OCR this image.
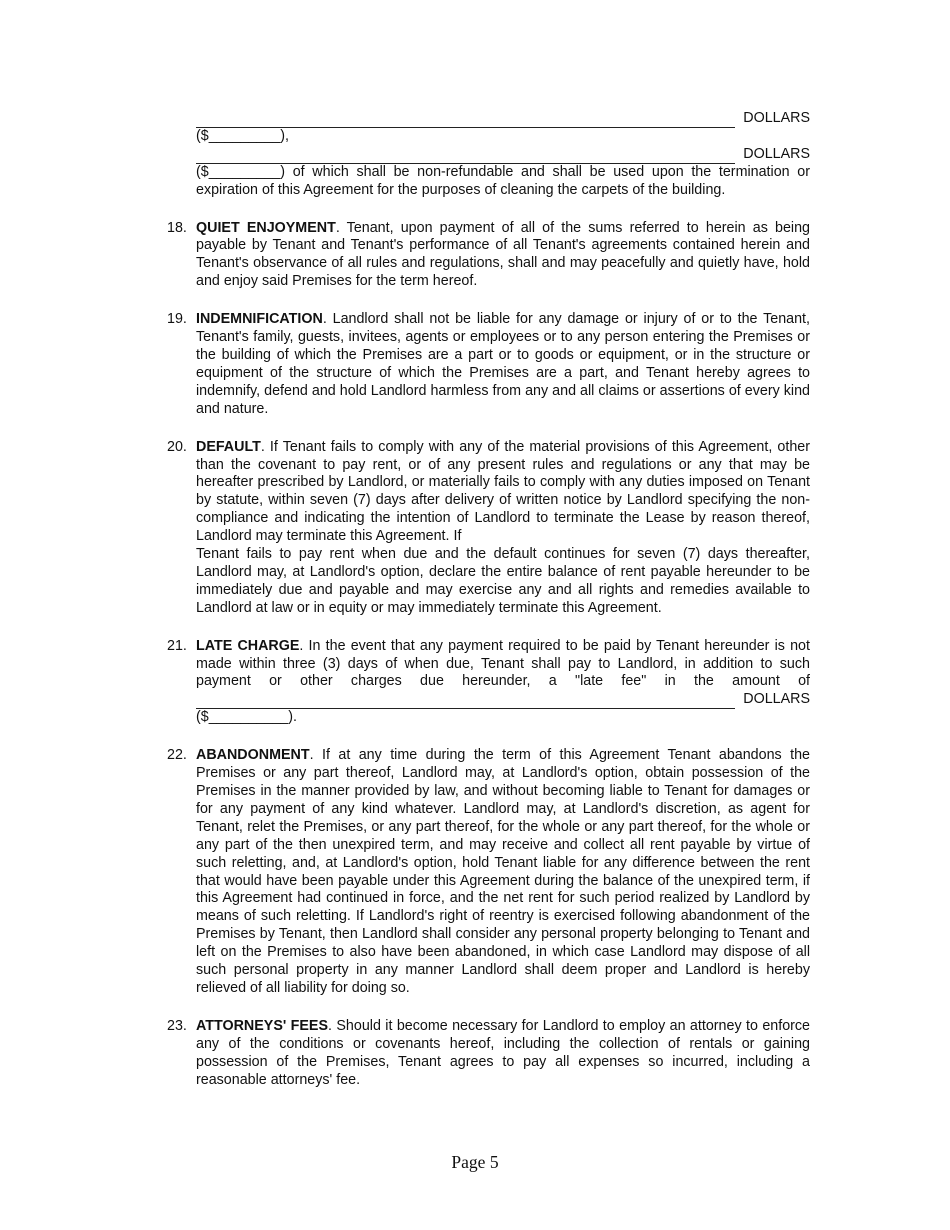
DOLLARS
($_________),
DOLLARS
($_________) of which shall be non-refundable and shall be used upon the termination or expiration of this Agreement for the purposes of cleaning the carpets of the building.
18. QUIET ENJOYMENT. Tenant, upon payment of all of the sums referred to herein as being payable by Tenant and Tenant's performance of all Tenant's agreements contained herein and Tenant's observance of all rules and regulations, shall and may peacefully and quietly have, hold and enjoy said Premises for the term hereof.
19. INDEMNIFICATION. Landlord shall not be liable for any damage or injury of or to the Tenant, Tenant's family, guests, invitees, agents or employees or to any person entering the Premises or the building of which the Premises are a part or to goods or equipment, or in the structure or equipment of the structure of which the Premises are a part, and Tenant hereby agrees to indemnify, defend and hold Landlord harmless from any and all claims or assertions of every kind and nature.
20. DEFAULT. If Tenant fails to comply with any of the material provisions of this Agreement, other than the covenant to pay rent, or of any present rules and regulations or any that may be hereafter prescribed by Landlord, or materially fails to comply with any duties imposed on Tenant by statute, within seven (7) days after delivery of written notice by Landlord specifying the non-compliance and indicating the intention of Landlord to terminate the Lease by reason thereof, Landlord may terminate this Agreement. If
Tenant fails to pay rent when due and the default continues for seven (7) days thereafter, Landlord may, at Landlord's option, declare the entire balance of rent payable hereunder to be immediately due and payable and may exercise any and all rights and remedies available to Landlord at law or in equity or may immediately terminate this Agreement.
21. LATE CHARGE. In the event that any payment required to be paid by Tenant hereunder is not made within three (3) days of when due, Tenant shall pay to Landlord, in addition to such payment or other charges due hereunder, a "late fee" in the amount of
DOLLARS
($__________).
22. ABANDONMENT. If at any time during the term of this Agreement Tenant abandons the Premises or any part thereof, Landlord may, at Landlord's option, obtain possession of the Premises in the manner provided by law, and without becoming liable to Tenant for damages or for any payment of any kind whatever. Landlord may, at Landlord's discretion, as agent for Tenant, relet the Premises, or any part thereof, for the whole or any part thereof, for the whole or any part of the then unexpired term, and may receive and collect all rent payable by virtue of such reletting, and, at Landlord's option, hold Tenant liable for any difference between the rent that would have been payable under this Agreement during the balance of the unexpired term, if this Agreement had continued in force, and the net rent for such period realized by Landlord by means of such reletting. If Landlord's right of reentry is exercised following abandonment of the Premises by Tenant, then Landlord shall consider any personal property belonging to Tenant and left on the Premises to also have been abandoned, in which case Landlord may dispose of all such personal property in any manner Landlord shall deem proper and Landlord is hereby relieved of all liability for doing so.
23. ATTORNEYS' FEES. Should it become necessary for Landlord to employ an attorney to enforce any of the conditions or covenants hereof, including the collection of rentals or gaining possession of the Premises, Tenant agrees to pay all expenses so incurred, including a reasonable attorneys' fee.
Page 5
